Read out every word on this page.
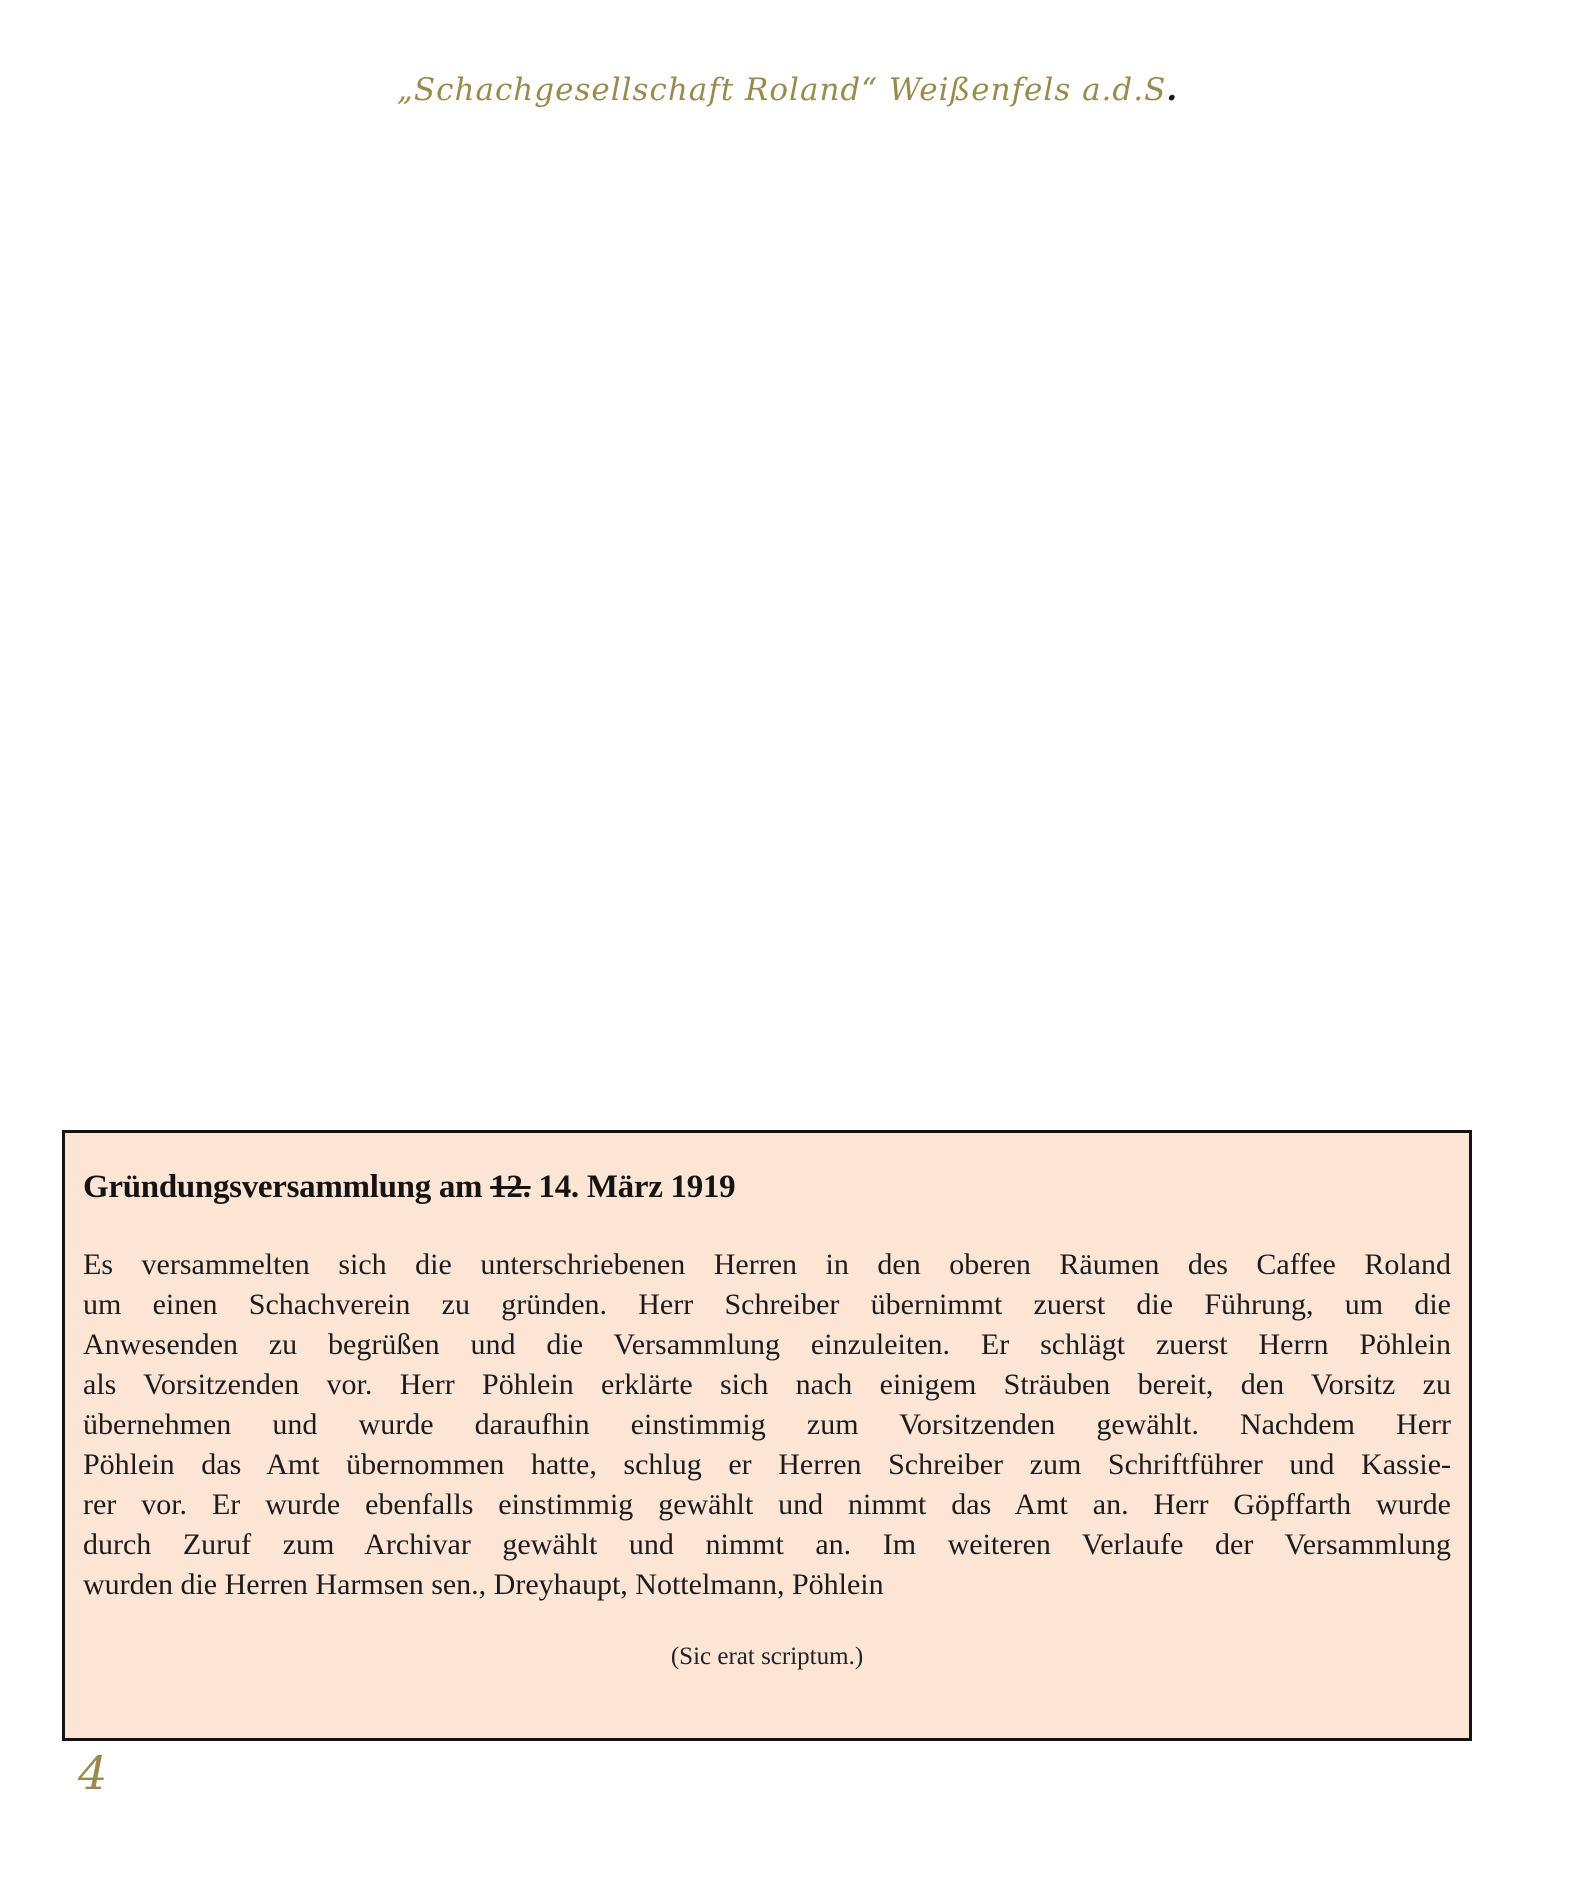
„Schachgesellschaft Roland“ Weißenfels a.d.S.
Gründungsversammlung am 12. 14. März 1919
Es versammelten sich die unterschriebenen Herren in den oberen Räumen des Caffee Roland
um einen Schachverein zu gründen. Herr Schreiber übernimmt zuerst die Führung, um die
Anwesenden zu begrüßen und die Versammlung einzuleiten. Er schlägt zuerst Herrn Pöhlein
als Vorsitzenden vor. Herr Pöhlein erklärte sich nach einigem Sträuben bereit, den Vorsitz zu
übernehmen und wurde daraufhin einstimmig zum Vorsitzenden gewählt. Nachdem Herr
Pöhlein das Amt übernommen hatte, schlug er Herren Schreiber zum Schriftführer und Kassie-
rer vor. Er wurde ebenfalls einstimmig gewählt und nimmt das Amt an. Herr Göpffarth wurde
durch Zuruf zum Archivar gewählt und nimmt an. Im weiteren Verlaufe der Versammlung
wurden die Herren Harmsen sen., Dreyhaupt, Nottelmann, Pöhlein
(Sic erat scriptum.)
4
